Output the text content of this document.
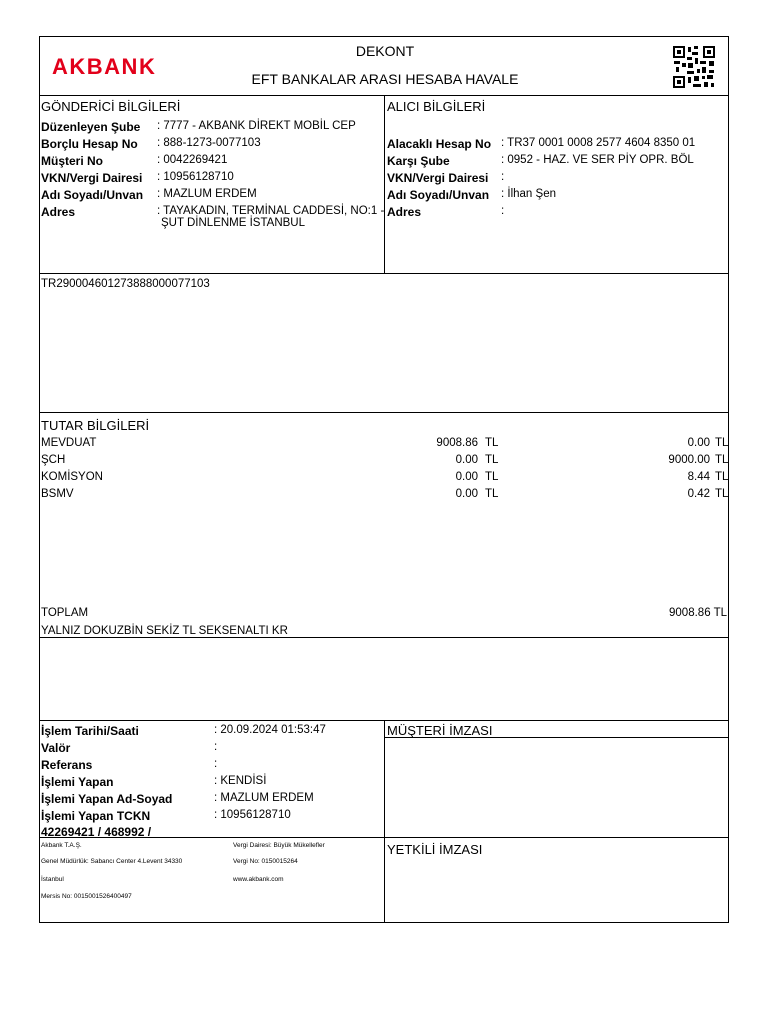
AKBANK
DEKONT
EFT BANKALAR ARASI HESABA HAVALE
GÖNDERİCİ BİLGİLERİ
Düzenleyen Şube : 7777 - AKBANK DİREKT MOBİL CEP
Borçlu Hesap No : 888-1273-0077103
Müşteri No	: 0042269421
VKN/Vergi Dairesi : 10956128710
Adı Soyadı/Unvan : MAZLUM ERDEM
Adres	: TAYAKADIN, TERMİNAL CADDESİ, NO:1 -
ŞUT DİNLENME İSTANBUL
ALICI BİLGİLERİ
Alacaklı Hesap No : TR37 0001 0008 2577 4604 8350 01
Karşı Şube	: 0952 - HAZ. VE SER PİY OPR. BÖL
VKN/Vergi Dairesi :
Adı Soyadı/Unvan : İlhan Şen
Adres	:
TR290004601273888000077103
TUTAR BİLGİLERİ
MEVDUAT	9008.86 TL	0.00 TL
ŞCH	0.00 TL	9000.00 TL
KOMİSYON	0.00 TL	8.44 TL
BSMV	0.00 TL	0.42 TL
TOPLAM	9008.86 TL
YALNIZ DOKUZBİN SEKİZ TL SEKSENALTI KR
İşlem Tarihi/Saati	: 20.09.2024 01:53:47
Valör	:
Referans	:
İşlemi Yapan	: KENDİSİ
İşlemi Yapan Ad-Soyad	: MAZLUM ERDEM
İşlemi Yapan TCKN	: 10956128710
42269421 / 468992 /
Akbank T.A.Ş.
Genel Müdürlük: Sabancı Center 4.Levent 34330
İstanbul
Mersis No: 0015001526400497
Vergi Dairesi: Büyük Mükellefler
Vergi No: 0150015264
www.akbank.com
MÜŞTERİ İMZASI
YETKİLİ İMZASI
